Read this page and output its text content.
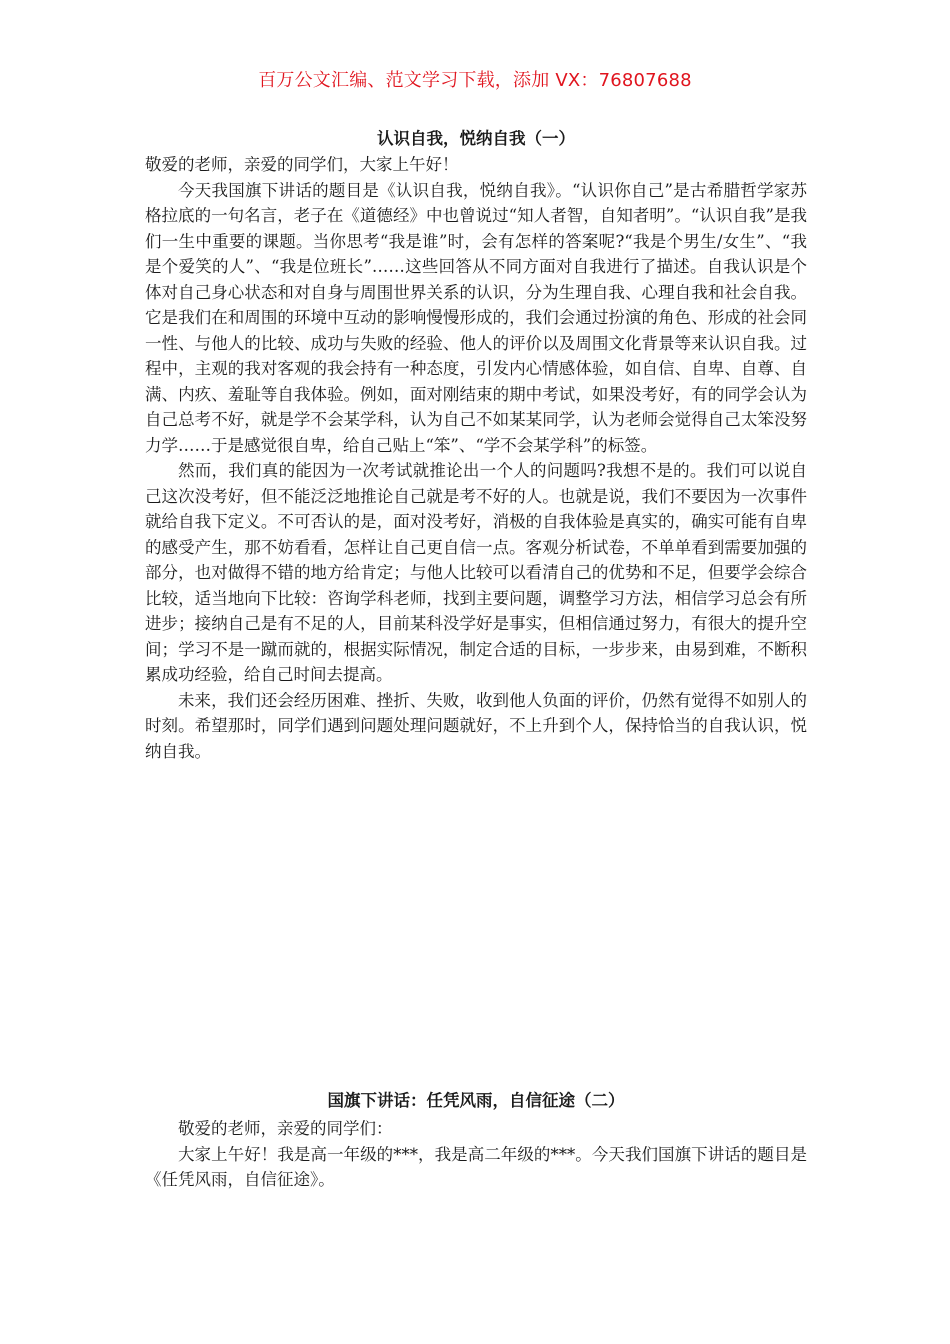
百万公文汇编、范文学习下载，添加 VX：76807688
认识自我，悦纳自我（一）

敬爱的老师，亲爱的同学们，大家上午好！

今天我国旗下讲话的题目是《认识自我，悦纳自我》。“认识你自己”是古希腊哲学家苏格拉底的一句名言，老子在《道德经》中也曾说过“知人者智，自知者明”。“认识自我”是我们一生中重要的课题。当你思考“我是谁”时，会有怎样的答案呢?“我是个男生/女生”、“我是个爱笑的人”、“我是位班长”……这些回答从不同方面对自我进行了描述。自我认识是个体对自己身心状态和对自身与周围世界关系的认识，分为生理自我、心理自我和社会自我。它是我们在和周围的环境中互动的影响慢慢形成的，我们会通过扮演的角色、形成的社会同一性、与他人的比较、成功与失败的经验、他人的评价以及周围文化背景等来认识自我。过程中，主观的我对客观的我会持有一种态度，引发内心情感体验，如自信、自卑、自尊、自满、内疚、羞耻等自我体验。例如，面对刚结束的期中考试，如果没考好，有的同学会认为自己总考不好，就是学不会某学科，认为自己不如某某同学，认为老师会觉得自己太笨没努力学……于是感觉很自卑，给自己贴上“笨”、“学不会某学科”的标签。

然而，我们真的能因为一次考试就推论出一个人的问题吗?我想不是的。我们可以说自己这次没考好，但不能泛泛地推论自己就是考不好的人。也就是说，我们不要因为一次事件就给自我下定义。不可否认的是，面对没考好，消极的自我体验是真实的，确实可能有自卑的感受产生，那不妨看看，怎样让自己更自信一点。客观分析试卷，不单单看到需要加强的部分，也对做得不错的地方给肯定；与他人比较可以看清自己的优势和不足，但要学会综合比较，适当地向下比较：咨询学科老师，找到主要问题，调整学习方法，相信学习总会有所进步；接纳自己是有不足的人，目前某科没学好是事实，但相信通过努力，有很大的提升空间；学习不是一蹴而就的，根据实际情况，制定合适的目标，一步步来，由易到难，不断积累成功经验，给自己时间去提高。

未来，我们还会经历困难、挫折、失败，收到他人负面的评价，仍然有觉得不如别人的时刻。希望那时，同学们遇到问题处理问题就好，不上升到个人，保持恰当的自我认识，悦纳自我。

国旗下讲话：任凭风雨，自信征途（二）

敬爱的老师，亲爱的同学们：

大家上午好！我是高一年级的***，我是高二年级的***。今天我们国旗下讲话的题目是《任凭风雨，自信征途》。
